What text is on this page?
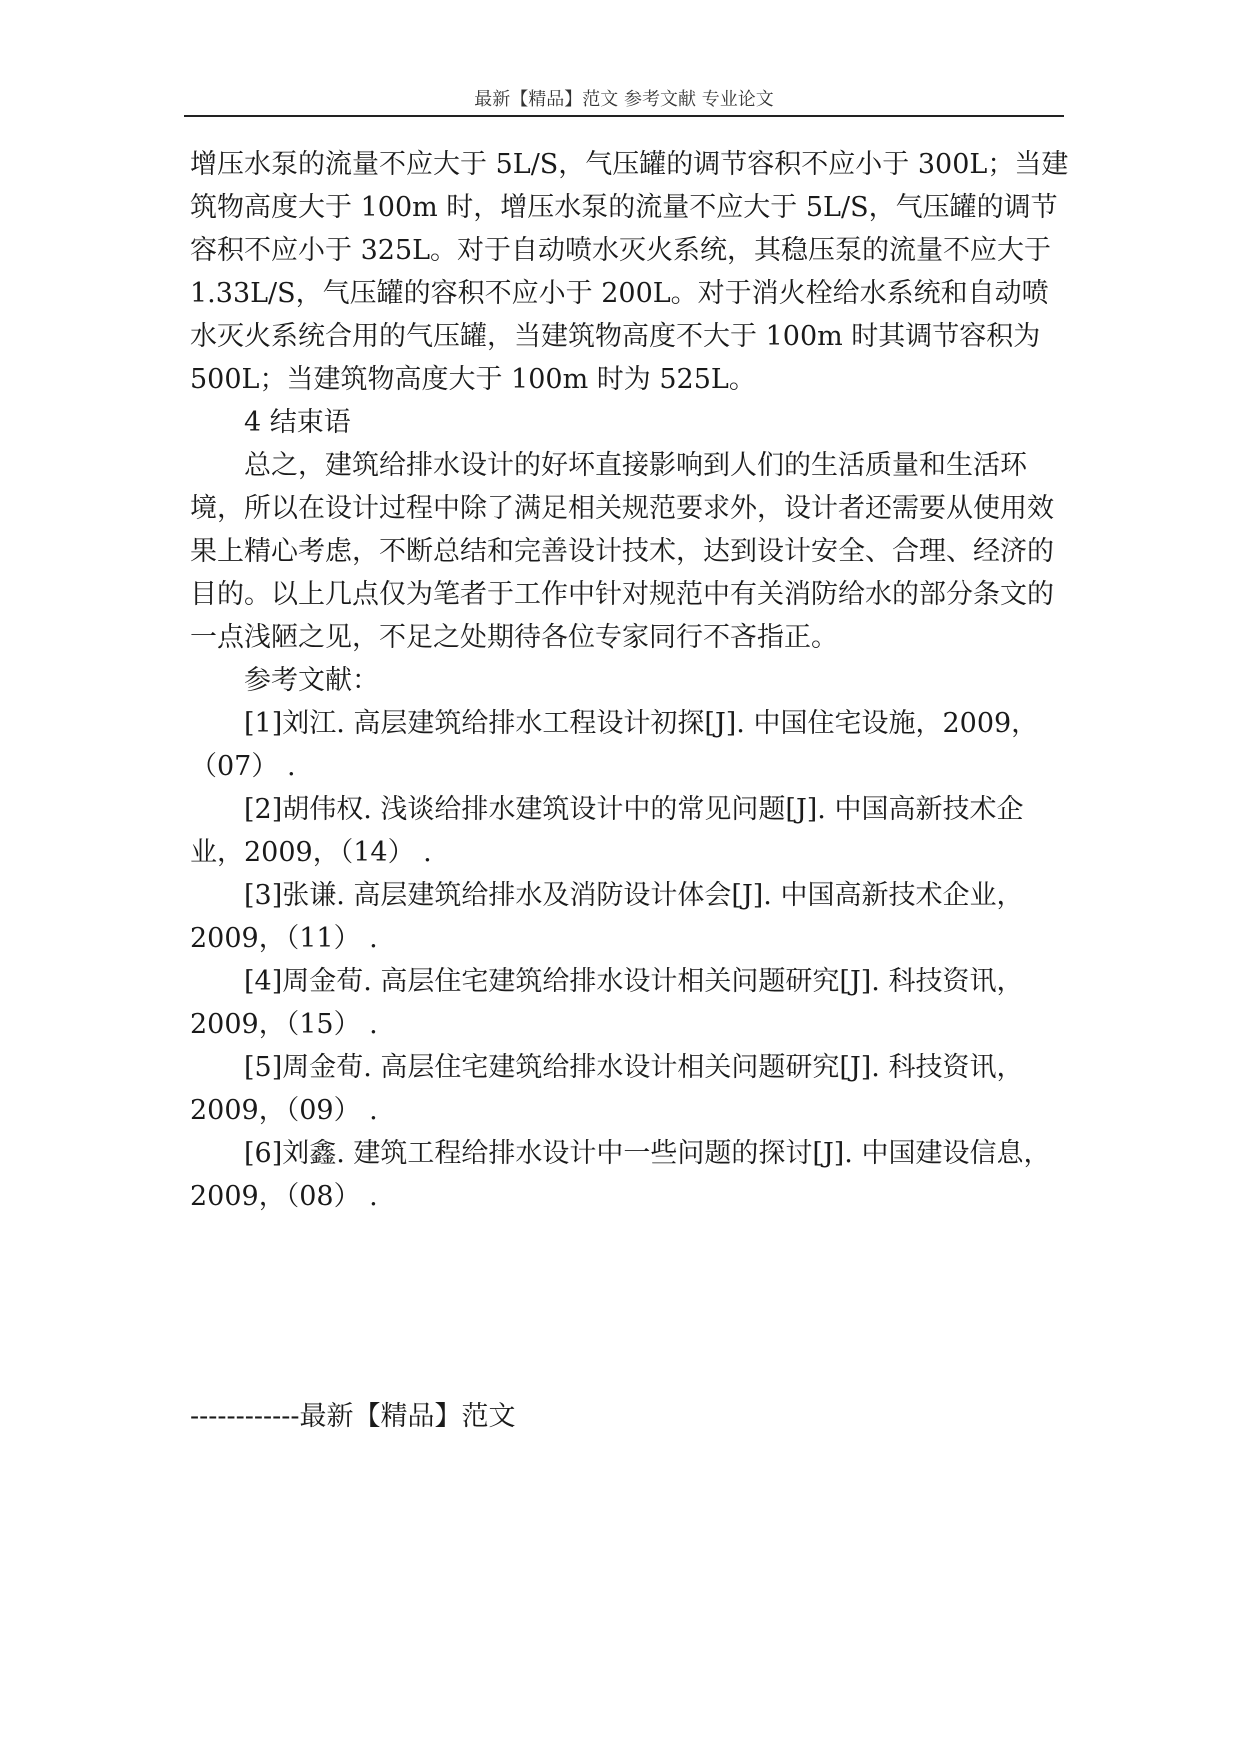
最新【精品】范文 参考文献 专业论文

增压水泵的流量不应大于 5L/S，气压罐的调节容积不应小于 300L；当建筑物高度大于 100m 时，增压水泵的流量不应大于 5L/S，气压罐的调节容积不应小于 325L。对于自动喷水灭火系统，其稳压泵的流量不应大于 1.33L/S，气压罐的容积不应小于 200L。对于消火栓给水系统和自动喷水灭火系统合用的气压罐，当建筑物高度不大于 100m 时其调节容积为 500L；当建筑物高度大于 100m 时为 525L。

4 结束语

总之，建筑给排水设计的好坏直接影响到人们的生活质量和生活环境，所以在设计过程中除了满足相关规范要求外，设计者还需要从使用效果上精心考虑，不断总结和完善设计技术，达到设计安全、合理、经济的目的。以上几点仅为笔者于工作中针对规范中有关消防给水的部分条文的一点浅陋之见，不足之处期待各位专家同行不吝指正。

参考文献：

[1]刘江. 高层建筑给排水工程设计初探[J]. 中国住宅设施，2009，（07） .

[2]胡伟权. 浅谈给排水建筑设计中的常见问题[J]. 中国高新技术企业，2009，（14） .

[3]张谦. 高层建筑给排水及消防设计体会[J]. 中国高新技术企业，2009，（11） .

[4]周金荀. 高层住宅建筑给排水设计相关问题研究[J]. 科技资讯，2009，（15） .

[5]周金荀. 高层住宅建筑给排水设计相关问题研究[J]. 科技资讯，2009，（09） .

[6]刘鑫. 建筑工程给排水设计中一些问题的探讨[J]. 中国建设信息，2009，（08） .

------------最新【精品】范文
